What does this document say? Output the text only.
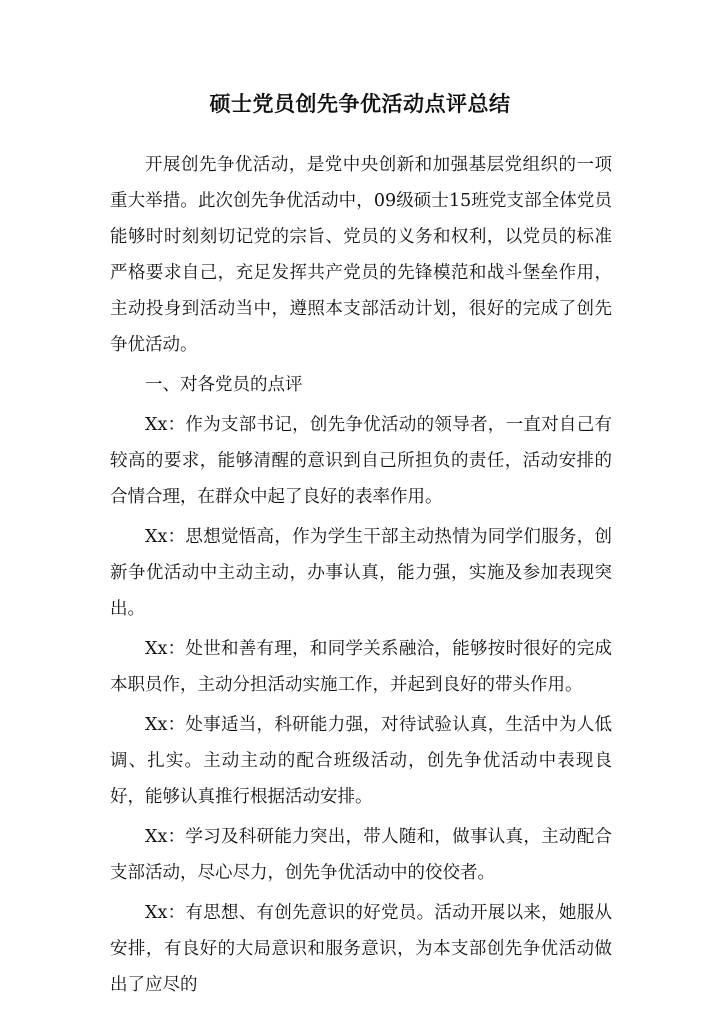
硕士党员创先争优活动点评总结

开展创先争优活动，是党中央创新和加强基层党组织的一项重大举措。此次创先争优活动中，09级硕士15班党支部全体党员能够时时刻刻切记党的宗旨、党员的义务和权利，以党员的标准严格要求自己，充足发挥共产党员的先锋模范和战斗堡垒作用，主动投身到活动当中，遵照本支部活动计划，很好的完成了创先争优活动。

一、对各党员的点评

Xx：作为支部书记，创先争优活动的领导者，一直对自己有较高的要求，能够清醒的意识到自己所担负的责任，活动安排的合情合理，在群众中起了良好的表率作用。

Xx：思想觉悟高，作为学生干部主动热情为同学们服务，创新争优活动中主动主动，办事认真，能力强，实施及参加表现突出。

Xx：处世和善有理，和同学关系融洽，能够按时很好的完成本职员作，主动分担活动实施工作，并起到良好的带头作用。

Xx：处事适当，科研能力强，对待试验认真，生活中为人低调、扎实。主动主动的配合班级活动，创先争优活动中表现良好，能够认真推行根据活动安排。

Xx：学习及科研能力突出，带人随和，做事认真，主动配合支部活动，尽心尽力，创先争优活动中的佼佼者。

Xx：有思想、有创先意识的好党员。活动开展以来，她服从安排，有良好的大局意识和服务意识，为本支部创先争优活动做出了应尽的
